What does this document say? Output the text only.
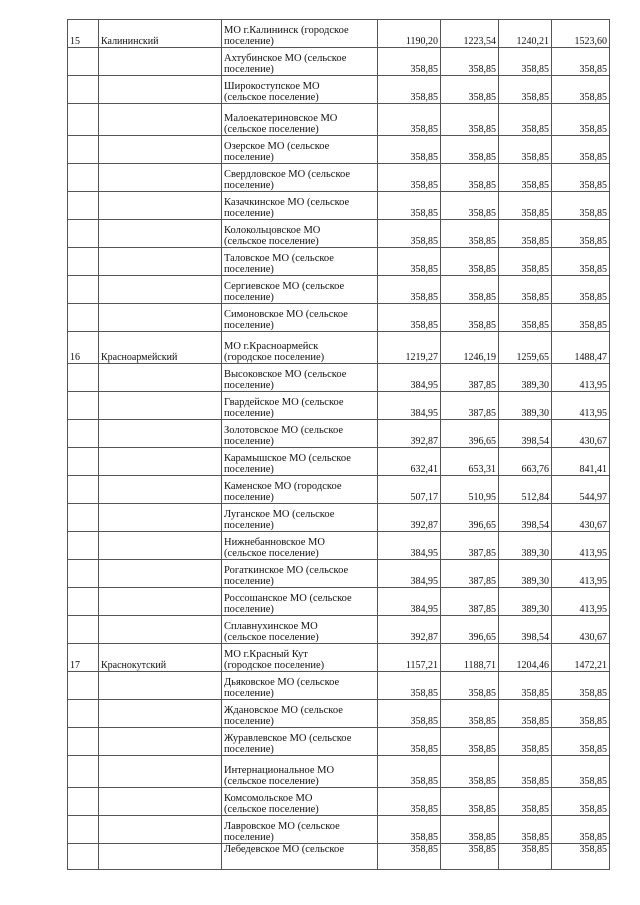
15	Калининский	МО г.Калининск (городское
поселение)	1190,20	1223,54	1240,21	1523,60

		Ахтубинское МО (сельское
поселение)	358,85	358,85	358,85	358,85

		Широкоступское МО
(сельское поселение)	358,85	358,85	358,85	358,85

		Малоекатериновское МО
(сельское поселение)	358,85	358,85	358,85	358,85

		Озерское МО (сельское
поселение)	358,85	358,85	358,85	358,85

		Свердловское МО (сельское
поселение)	358,85	358,85	358,85	358,85

		Казачкинское МО (сельское
поселение)	358,85	358,85	358,85	358,85

		Колокольцовское МО
(сельское поселение)	358,85	358,85	358,85	358,85

		Таловское МО (сельское
поселение)	358,85	358,85	358,85	358,85

		Сергиевское МО (сельское
поселение)	358,85	358,85	358,85	358,85

		Симоновское МО (сельское
поселение)	358,85	358,85	358,85	358,85
16	Красноармейский	МО г.Красноармейск
(городское поселение)	1219,27	1246,19	1259,65	1488,47

		Высоковское МО (сельское
поселение)	384,95	387,85	389,30	413,95

		Гвардейское МО (сельское
поселение)	384,95	387,85	389,30	413,95

		Золотовское МО (сельское
поселение)	392,87	396,65	398,54	430,67

		Карамышское МО (сельское
поселение)	632,41	653,31	663,76	841,41

		Каменское МО (городское
поселение)	507,17	510,95	512,84	544,97

		Луганское МО (сельское
поселение)	392,87	396,65	398,54	430,67

		Нижнебанновское МО
(сельское поселение)	384,95	387,85	389,30	413,95

		Рогаткинское МО (сельское
поселение)	384,95	387,85	389,30	413,95

		Россошанское МО (сельское
поселение)	384,95	387,85	389,30	413,95

		Сплавнухинское МО
(сельское поселение)	392,87	396,65	398,54	430,67
17	Краснокутский	МО г.Красный Кут
(городское поселение)	1157,21	1188,71	1204,46	1472,21

		Дьяковское МО (сельское
поселение)	358,85	358,85	358,85	358,85

		Ждановское МО (сельское
поселение)	358,85	358,85	358,85	358,85

		Журавлевское МО (сельское
поселение)	358,85	358,85	358,85	358,85

		Интернациональное МО
(сельское поселение)	358,85	358,85	358,85	358,85

		Комсомольское МО
(сельское поселение)	358,85	358,85	358,85	358,85

		Лавровское МО (сельское
поселение)	358,85	358,85	358,85	358,85

		Лебедевское МО (сельское	358,85	358,85	358,85	358,85
